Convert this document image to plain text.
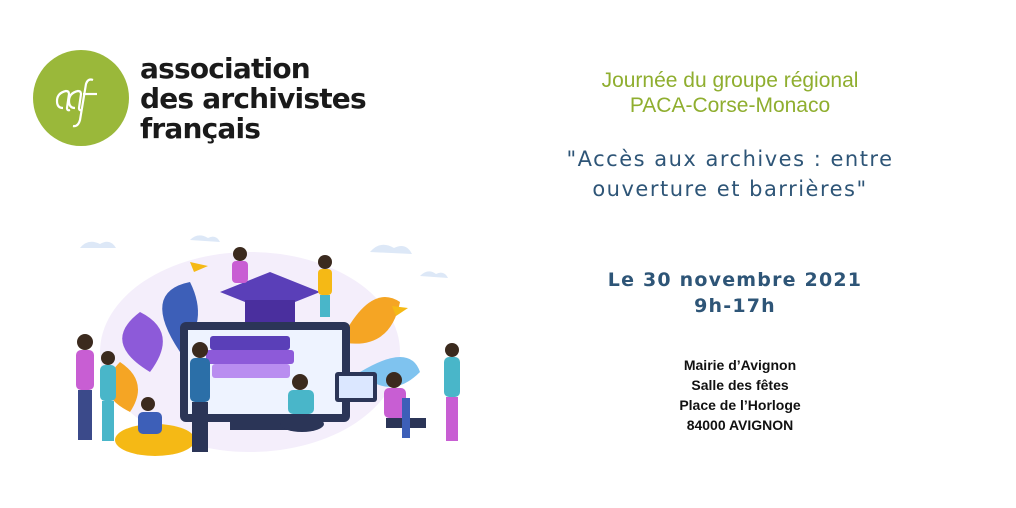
association
des archivistes
français
Journée du groupe régional
PACA-Corse-Monaco
"Accès aux archives : entre
ouverture et barrières"
Le 30 novembre 2021
9h-17h
Mairie d’Avignon
Salle des fêtes
Place de l’Horloge
84000 AVIGNON
